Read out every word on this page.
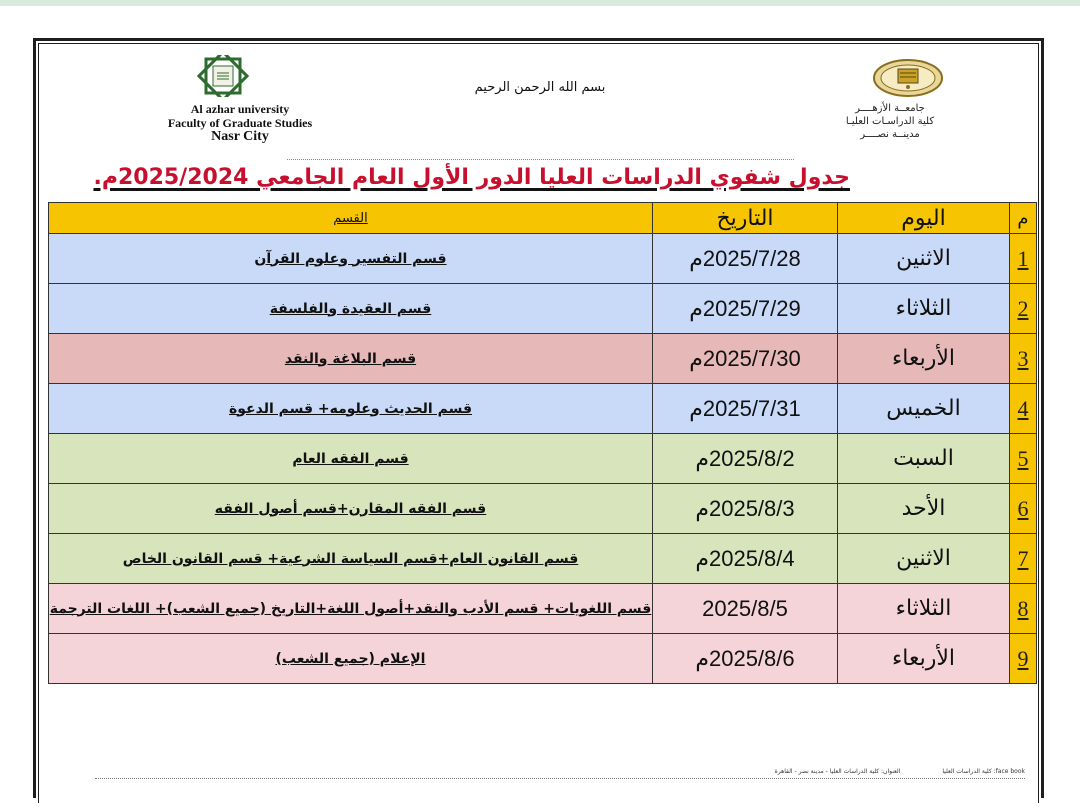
Al azhar university
Faculty of Graduate Studies
Nasr City
جامعــة الأزهــــر
كلية الدراسـات العليـا
مدينــة نصــــر
بسم الله الرحمن الرحيم
جدول شفوي الدراسات العليا الدور الأول العام الجامعي 2025/2024م.
م	اليوم	التاريخ	القسم
1	الاثنين	2025/7/28م	قسم التفسير وعلوم القرآن
2	الثلاثاء	2025/7/29م	قسم العقيدة والفلسفة
3	الأربعاء	2025/7/30م	قسم البلاغة والنقد
4	الخميس	2025/7/31م	قسم الحديث وعلومه+ قسم الدعوة
5	السبت	2025/8/2م	قسم الفقه العام
6	الأحد	2025/8/3م	قسم الفقه المقارن+قسم أصول الفقه
7	الاثنين	2025/8/4م	قسم القانون العام+قسم السياسة الشرعية+ قسم القانون الخاص
8	الثلاثاء	2025/8/5	قسم اللغويات+ قسم الأدب والنقد+أصول اللغة+التاريخ (جميع الشعب)+ اللغات الترجمة
9	الأربعاء	2025/8/6م	الإعلام (جميع الشعب)
face book: كلية الدراسات العليا العنوان: كلية الدراسات العليا - مدينة نصر - القاهرة
